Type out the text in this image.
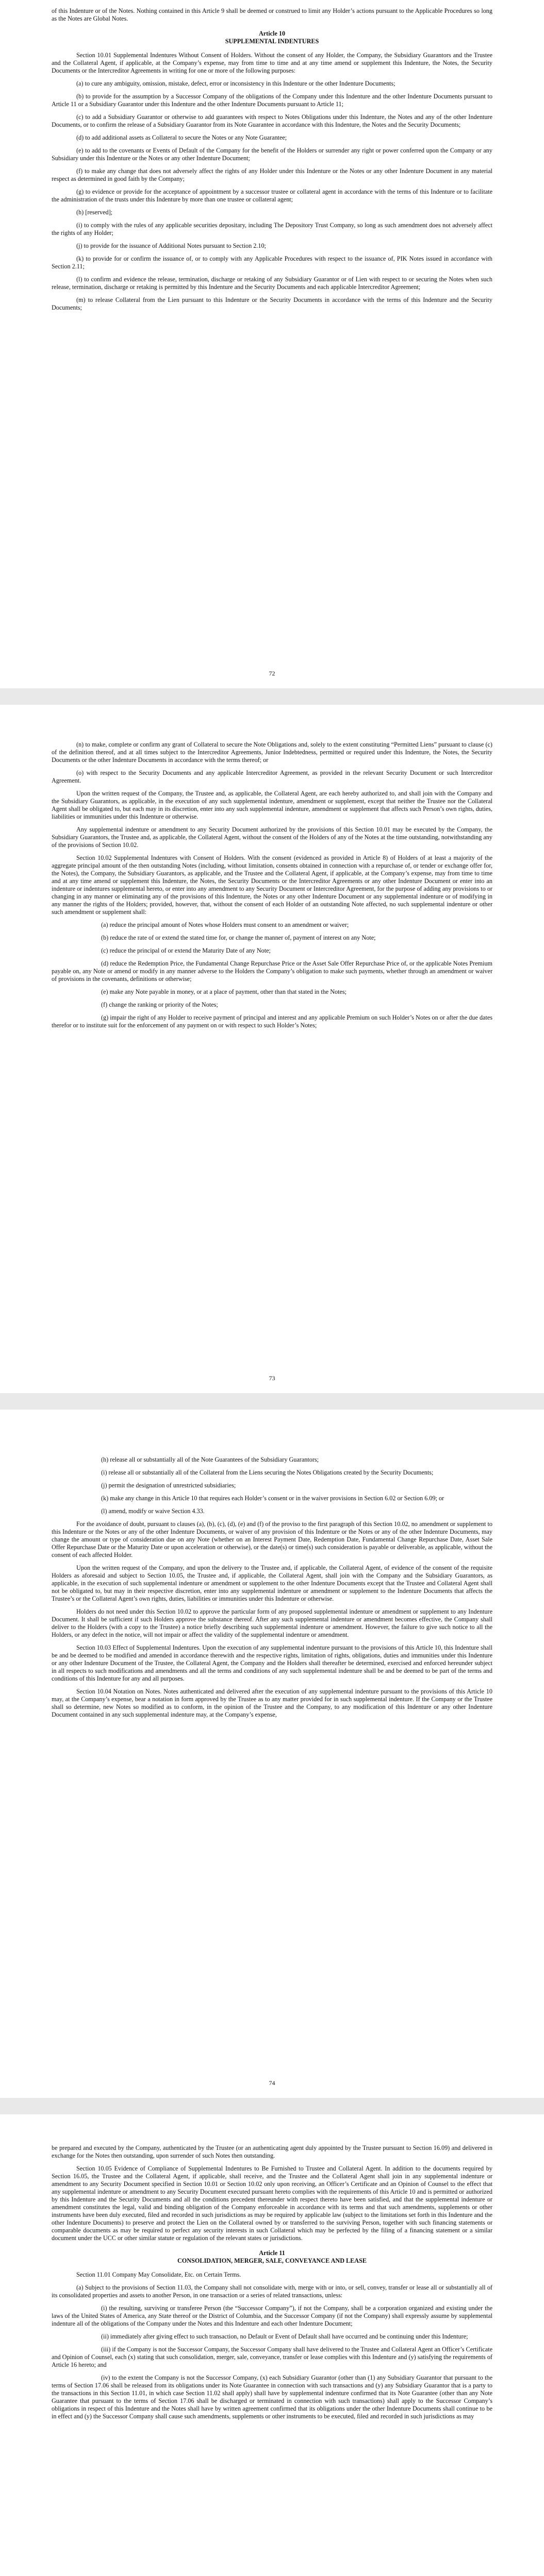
of this Indenture or of the Notes. Nothing contained in this Article 9 shall be deemed or construed to limit any Holder’s actions pursuant to the Applicable Procedures so long as the Notes are Global Notes.

Article 10
SUPPLEMENTAL INDENTURES

Section 10.01 Supplemental Indentures Without Consent of Holders. Without the consent of any Holder, the Company, the Subsidiary Guarantors and the Trustee and the Collateral Agent, if applicable, at the Company’s expense, may from time to time and at any time amend or supplement this Indenture, the Notes, the Security Documents or the Intercreditor Agreements in writing for one or more of the following purposes:

(a) to cure any ambiguity, omission, mistake, defect, error or inconsistency in this Indenture or the other Indenture Documents;

(b) to provide for the assumption by a Successor Company of the obligations of the Company under this Indenture and the other Indenture Documents pursuant to Article 11 or a Subsidiary Guarantor under this Indenture and the other Indenture Documents pursuant to Article 11;

(c) to add a Subsidiary Guarantor or otherwise to add guarantees with respect to Notes Obligations under this Indenture, the Notes and any of the other Indenture Documents, or to confirm the release of a Subsidiary Guarantor from its Note Guarantee in accordance with this Indenture, the Notes and the Security Documents;

(d) to add additional assets as Collateral to secure the Notes or any Note Guarantee;

(e) to add to the covenants or Events of Default of the Company for the benefit of the Holders or surrender any right or power conferred upon the Company or any Subsidiary under this Indenture or the Notes or any other Indenture Document;

(f) to make any change that does not adversely affect the rights of any Holder under this Indenture or the Notes or any other Indenture Document in any material respect as determined in good faith by the Company;

(g) to evidence or provide for the acceptance of appointment by a successor trustee or collateral agent in accordance with the terms of this Indenture or to facilitate the administration of the trusts under this Indenture by more than one trustee or collateral agent;

(h) [reserved];

(i) to comply with the rules of any applicable securities depositary, including The Depository Trust Company, so long as such amendment does not adversely affect the rights of any Holder;

(j) to provide for the issuance of Additional Notes pursuant to Section 2.10;

(k) to provide for or confirm the issuance of, or to comply with any Applicable Procedures with respect to the issuance of, PIK Notes issued in accordance with Section 2.11;

(l) to confirm and evidence the release, termination, discharge or retaking of any Subsidiary Guarantor or of Lien with respect to or securing the Notes when such release, termination, discharge or retaking is permitted by this Indenture and the Security Documents and each applicable Intercreditor Agreement;

(m) to release Collateral from the Lien pursuant to this Indenture or the Security Documents in accordance with the terms of this Indenture and the Security Documents;

72

(n) to make, complete or confirm any grant of Collateral to secure the Note Obligations and, solely to the extent constituting “Permitted Liens” pursuant to clause (c) of the definition thereof, and at all times subject to the Intercreditor Agreements, Junior Indebtedness, permitted or required under this Indenture, the Notes, the Security Documents or the other Indenture Documents in accordance with the terms thereof; or

(o) with respect to the Security Documents and any applicable Intercreditor Agreement, as provided in the relevant Security Document or such Intercreditor Agreement.

Upon the written request of the Company, the Trustee and, as applicable, the Collateral Agent, are each hereby authorized to, and shall join with the Company and the Subsidiary Guarantors, as applicable, in the execution of any such supplemental indenture, amendment or supplement, except that neither the Trustee nor the Collateral Agent shall be obligated to, but each may in its discretion, enter into any such supplemental indenture, amendment or supplement that affects such Person’s own rights, duties, liabilities or immunities under this Indenture or otherwise.

Any supplemental indenture or amendment to any Security Document authorized by the provisions of this Section 10.01 may be executed by the Company, the Subsidiary Guarantors, the Trustee and, as applicable, the Collateral Agent, without the consent of the Holders of any of the Notes at the time outstanding, notwithstanding any of the provisions of Section 10.02.

Section 10.02 Supplemental Indentures with Consent of Holders. With the consent (evidenced as provided in Article 8) of Holders of at least a majority of the aggregate principal amount of the then outstanding Notes (including, without limitation, consents obtained in connection with a repurchase of, or tender or exchange offer for, the Notes), the Company, the Subsidiary Guarantors, as applicable, and the Trustee and the Collateral Agent, if applicable, at the Company’s expense, may from time to time and at any time amend or supplement this Indenture, the Notes, the Security Documents or the Intercreditor Agreements or any other Indenture Document or enter into an indenture or indentures supplemental hereto, or enter into any amendment to any Security Document or Intercreditor Agreement, for the purpose of adding any provisions to or changing in any manner or eliminating any of the provisions of this Indenture, the Notes or any other Indenture Document or any supplemental indenture or of modifying in any manner the rights of the Holders; provided, however, that, without the consent of each Holder of an outstanding Note affected, no such supplemental indenture or other such amendment or supplement shall:

(a) reduce the principal amount of Notes whose Holders must consent to an amendment or waiver;

(b) reduce the rate of or extend the stated time for, or change the manner of, payment of interest on any Note;

(c) reduce the principal of or extend the Maturity Date of any Note;

(d) reduce the Redemption Price, the Fundamental Change Repurchase Price or the Asset Sale Offer Repurchase Price of, or the applicable Notes Premium payable on, any Note or amend or modify in any manner adverse to the Holders the Company’s obligation to make such payments, whether through an amendment or waiver of provisions in the covenants, definitions or otherwise;

(e) make any Note payable in money, or at a place of payment, other than that stated in the Notes;

(f) change the ranking or priority of the Notes;

(g) impair the right of any Holder to receive payment of principal and interest and any applicable Premium on such Holder’s Notes on or after the due dates therefor or to institute suit for the enforcement of any payment on or with respect to such Holder’s Notes;

73

(h) release all or substantially all of the Note Guarantees of the Subsidiary Guarantors;

(i) release all or substantially all of the Collateral from the Liens securing the Notes Obligations created by the Security Documents;

(j) permit the designation of unrestricted subsidiaries;

(k) make any change in this Article 10 that requires each Holder’s consent or in the waiver provisions in Section 6.02 or Section 6.09; or

(l) amend, modify or waive Section 4.33.

For the avoidance of doubt, pursuant to clauses (a), (b), (c), (d), (e) and (f) of the proviso to the first paragraph of this Section 10.02, no amendment or supplement to this Indenture or the Notes or any of the other Indenture Documents, or waiver of any provision of this Indenture or the Notes or any of the other Indenture Documents, may change the amount or type of consideration due on any Note (whether on an Interest Payment Date, Redemption Date, Fundamental Change Repurchase Date, Asset Sale Offer Repurchase Date or the Maturity Date or upon acceleration or otherwise), or the date(s) or time(s) such consideration is payable or deliverable, as applicable, without the consent of each affected Holder.

Upon the written request of the Company, and upon the delivery to the Trustee and, if applicable, the Collateral Agent, of evidence of the consent of the requisite Holders as aforesaid and subject to Section 10.05, the Trustee and, if applicable, the Collateral Agent, shall join with the Company and the Subsidiary Guarantors, as applicable, in the execution of such supplemental indenture or amendment or supplement to the other Indenture Documents except that the Trustee and Collateral Agent shall not be obligated to, but may in their respective discretion, enter into any supplemental indenture or amendment or supplement to the Indenture Documents that affects the Trustee’s or the Collateral Agent’s own rights, duties, liabilities or immunities under this Indenture or otherwise.

Holders do not need under this Section 10.02 to approve the particular form of any proposed supplemental indenture or amendment or supplement to any Indenture Document. It shall be sufficient if such Holders approve the substance thereof. After any such supplemental indenture or amendment becomes effective, the Company shall deliver to the Holders (with a copy to the Trustee) a notice briefly describing such supplemental indenture or amendment. However, the failure to give such notice to all the Holders, or any defect in the notice, will not impair or affect the validity of the supplemental indenture or amendment.

Section 10.03 Effect of Supplemental Indentures. Upon the execution of any supplemental indenture pursuant to the provisions of this Article 10, this Indenture shall be and be deemed to be modified and amended in accordance therewith and the respective rights, limitation of rights, obligations, duties and immunities under this Indenture or any other Indenture Document of the Trustee, the Collateral Agent, the Company and the Holders shall thereafter be determined, exercised and enforced hereunder subject in all respects to such modifications and amendments and all the terms and conditions of any such supplemental indenture shall be and be deemed to be part of the terms and conditions of this Indenture for any and all purposes.

Section 10.04 Notation on Notes. Notes authenticated and delivered after the execution of any supplemental indenture pursuant to the provisions of this Article 10 may, at the Company’s expense, bear a notation in form approved by the Trustee as to any matter provided for in such supplemental indenture. If the Company or the Trustee shall so determine, new Notes so modified as to conform, in the opinion of the Trustee and the Company, to any modification of this Indenture or any other Indenture Document contained in any such supplemental indenture may, at the Company’s expense,

74

be prepared and executed by the Company, authenticated by the Trustee (or an authenticating agent duly appointed by the Trustee pursuant to Section 16.09) and delivered in exchange for the Notes then outstanding, upon surrender of such Notes then outstanding.

Section 10.05 Evidence of Compliance of Supplemental Indentures to Be Furnished to Trustee and Collateral Agent. In addition to the documents required by Section 16.05, the Trustee and the Collateral Agent, if applicable, shall receive, and the Trustee and the Collateral Agent shall join in any supplemental indenture or amendment to any Security Document specified in Section 10.01 or Section 10.02 only upon receiving, an Officer’s Certificate and an Opinion of Counsel to the effect that any supplemental indenture or amendment to any Security Document executed pursuant hereto complies with the requirements of this Article 10 and is permitted or authorized by this Indenture and the Security Documents and all the conditions precedent thereunder with respect thereto have been satisfied, and that the supplemental indenture or amendment constitutes the legal, valid and binding obligation of the Company enforceable in accordance with its terms and that such amendments, supplements or other instruments have been duly executed, filed and recorded in such jurisdictions as may be required by applicable law (subject to the limitations set forth in this Indenture and the other Indenture Documents) to preserve and protect the Lien on the Collateral owned by or transferred to the surviving Person, together with such financing statements or comparable documents as may be required to perfect any security interests in such Collateral which may be perfected by the filing of a financing statement or a similar document under the UCC or other similar statute or regulation of the relevant states or jurisdictions.

Article 11
CONSOLIDATION, MERGER, SALE, CONVEYANCE AND LEASE

Section 11.01 Company May Consolidate, Etc. on Certain Terms.

(a) Subject to the provisions of Section 11.03, the Company shall not consolidate with, merge with or into, or sell, convey, transfer or lease all or substantially all of its consolidated properties and assets to another Person, in one transaction or a series of related transactions, unless:

(i) the resulting, surviving or transferee Person (the “Successor Company”), if not the Company, shall be a corporation organized and existing under the laws of the United States of America, any State thereof or the District of Columbia, and the Successor Company (if not the Company) shall expressly assume by supplemental indenture all of the obligations of the Company under the Notes and this Indenture and each other Indenture Document;

(ii) immediately after giving effect to such transaction, no Default or Event of Default shall have occurred and be continuing under this Indenture;

(iii) if the Company is not the Successor Company, the Successor Company shall have delivered to the Trustee and Collateral Agent an Officer’s Certificate and Opinion of Counsel, each (x) stating that such consolidation, merger, sale, conveyance, transfer or lease complies with this Indenture and (y) satisfying the requirements of Article 16 hereto; and

(iv) to the extent the Company is not the Successor Company, (x) each Subsidiary Guarantor (other than (1) any Subsidiary Guarantor that pursuant to the terms of Section 17.06 shall be released from its obligations under its Note Guarantee in connection with such transactions and (y) any Subsidiary Guarantor that is a party to the transactions in this Section 11.01, in which case Section 11.02 shall apply) shall have by supplemental indenture confirmed that its Note Guarantee (other than any Note Guarantee that pursuant to the terms of Section 17.06 shall be discharged or terminated in connection with such transactions) shall apply to the Successor Company’s obligations in respect of this Indenture and the Notes shall have by written agreement confirmed that its obligations under the other Indenture Documents shall continue to be in effect and (y) the Successor Company shall cause such amendments, supplements or other instruments to be executed, filed and recorded in such jurisdictions as may
